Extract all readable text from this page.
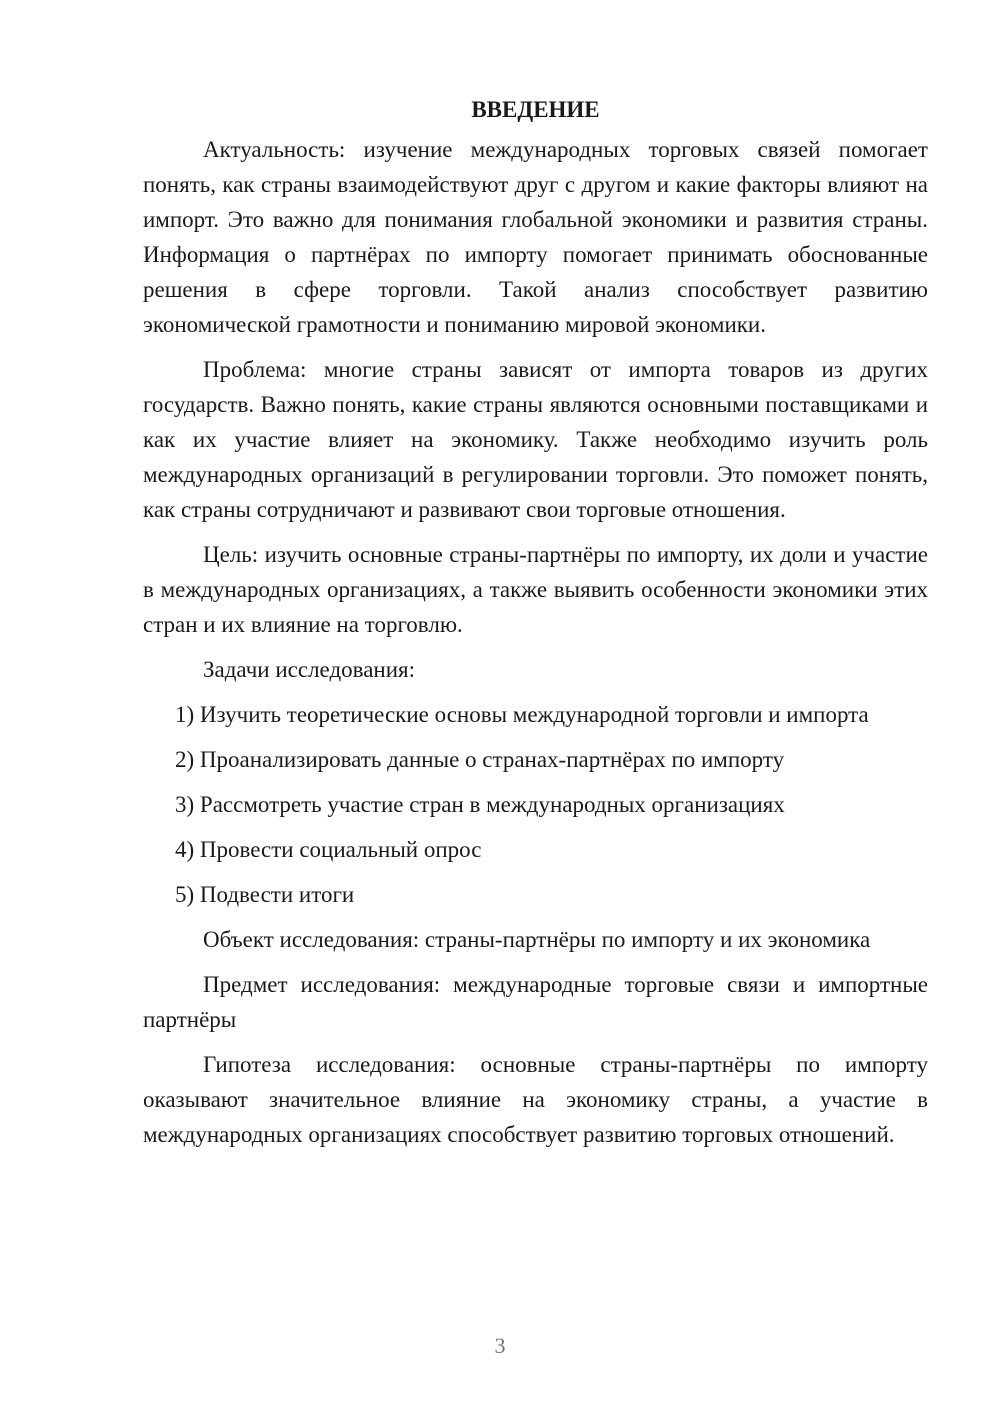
ВВЕДЕНИЕ

Актуальность: изучение международных торговых связей помогает понять, как страны взаимодействуют друг с другом и какие факторы влияют на импорт. Это важно для понимания глобальной экономики и развития страны. Информация о партнёрах по импорту помогает принимать обоснованные решения в сфере торговли. Такой анализ способствует развитию экономической грамотности и пониманию мировой экономики.

Проблема: многие страны зависят от импорта товаров из других государств. Важно понять, какие страны являются основными поставщиками и как их участие влияет на экономику. Также необходимо изучить роль международных организаций в регулировании торговли. Это поможет понять, как страны сотрудничают и развивают свои торговые отношения.

Цель: изучить основные страны-партнёры по импорту, их доли и участие в международных организациях, а также выявить особенности экономики этих стран и их влияние на торговлю.

Задачи исследования:

1) Изучить теоретические основы международной торговли и импорта

2) Проанализировать данные о странах-партнёрах по импорту

3) Рассмотреть участие стран в международных организациях

4) Провести социальный опрос

5) Подвести итоги

Объект исследования: страны-партнёры по импорту и их экономика

Предмет исследования: международные торговые связи и импортные партнёры

Гипотеза исследования: основные страны-партнёры по импорту оказывают значительное влияние на экономику страны, а участие в международных организациях способствует развитию торговых отношений.

3
